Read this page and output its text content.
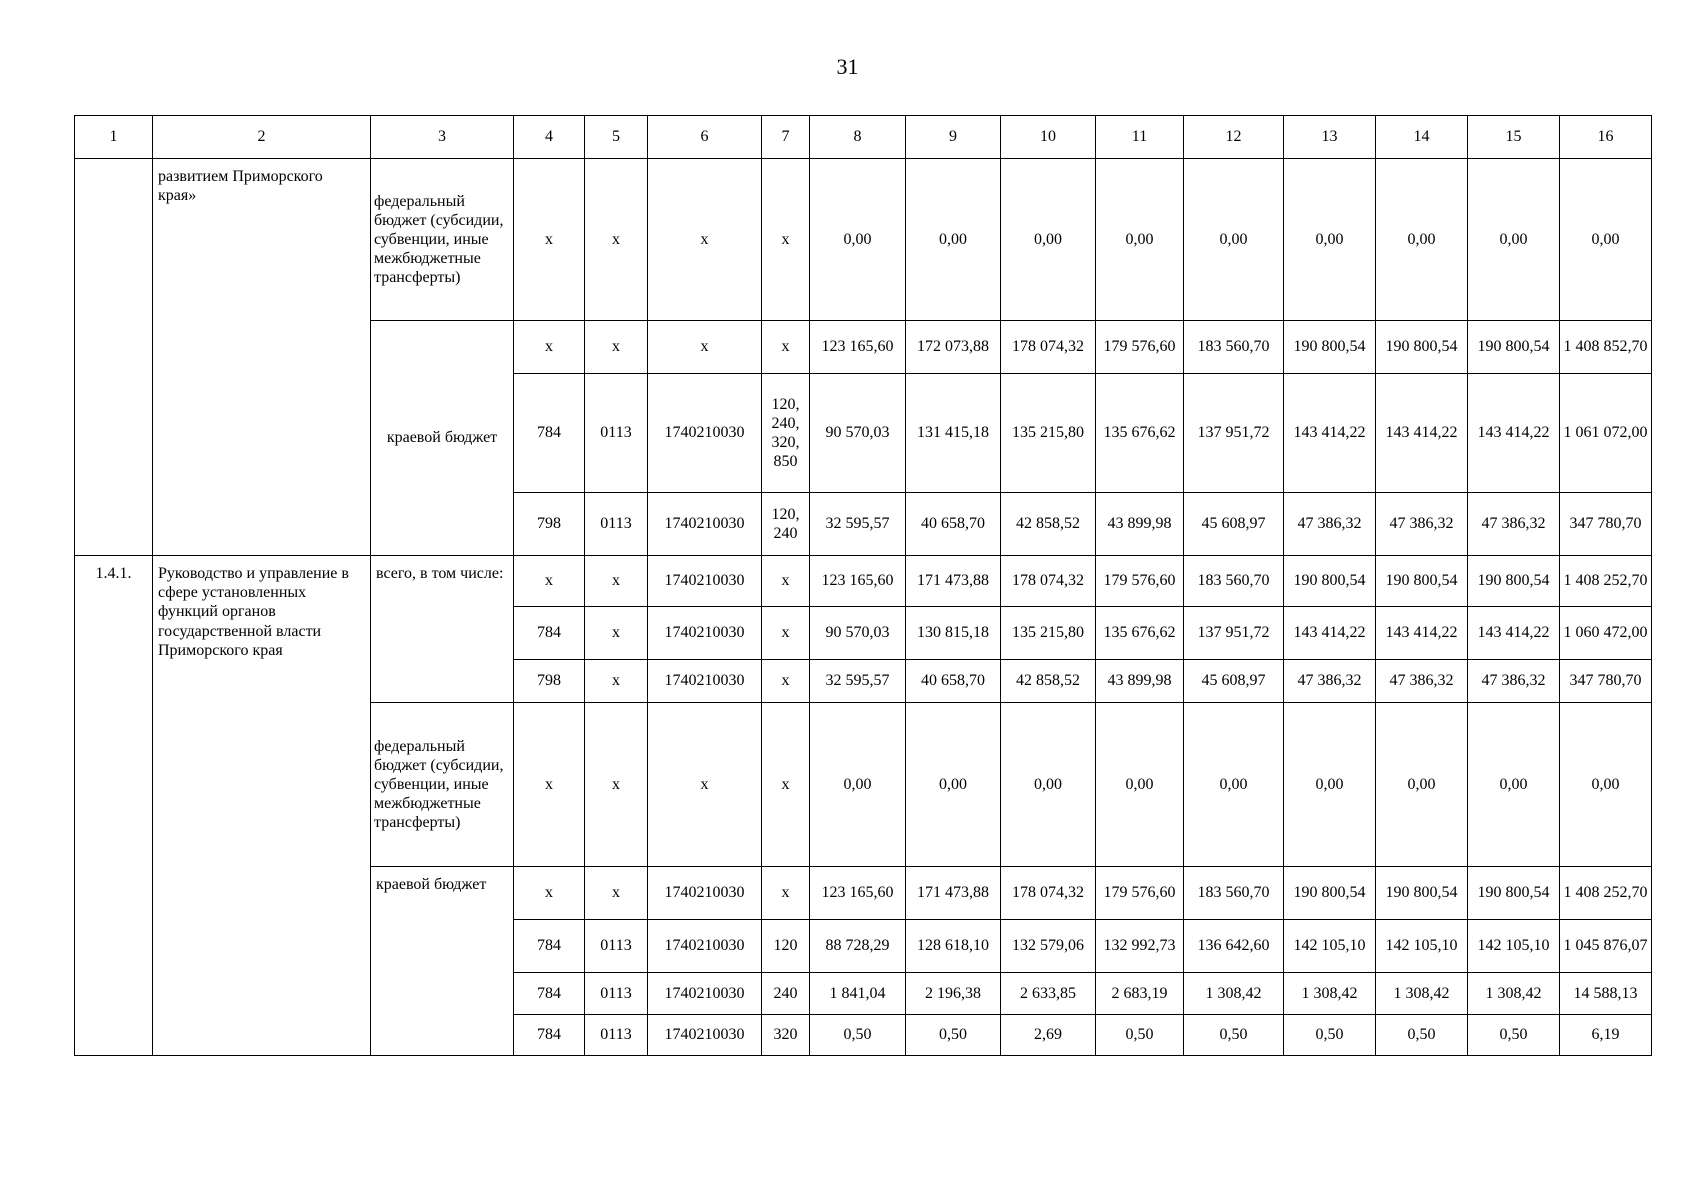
31
1	2	3	4	5	6	7	8	9	10	11	12	13	14	15	16
	развитием Приморского края»	федеральный бюджет (субсидии, субвенции, иные межбюджетные трансферты)	х	х	х	х	0,00	0,00	0,00	0,00	0,00	0,00	0,00	0,00	0,00
		краевой бюджет	х	х	х	х	123 165,60	172 073,88	178 074,32	179 576,60	183 560,70	190 800,54	190 800,54	190 800,54	1 408 852,70
			784	0113	1740210030	120, 240, 320, 850	90 570,03	131 415,18	135 215,80	135 676,62	137 951,72	143 414,22	143 414,22	143 414,22	1 061 072,00
			798	0113	1740210030	120, 240	32 595,57	40 658,70	42 858,52	43 899,98	45 608,97	47 386,32	47 386,32	47 386,32	347 780,70
1.4.1.	Руководство и управление в сфере установленных функций органов государственной власти Приморского края	всего, в том числе:	х	х	1740210030	х	123 165,60	171 473,88	178 074,32	179 576,60	183 560,70	190 800,54	190 800,54	190 800,54	1 408 252,70
			784	х	1740210030	х	90 570,03	130 815,18	135 215,80	135 676,62	137 951,72	143 414,22	143 414,22	143 414,22	1 060 472,00
			798	х	1740210030	х	32 595,57	40 658,70	42 858,52	43 899,98	45 608,97	47 386,32	47 386,32	47 386,32	347 780,70
		федеральный бюджет (субсидии, субвенции, иные межбюджетные трансферты)	х	х	х	х	0,00	0,00	0,00	0,00	0,00	0,00	0,00	0,00	0,00
		краевой бюджет	х	х	1740210030	х	123 165,60	171 473,88	178 074,32	179 576,60	183 560,70	190 800,54	190 800,54	190 800,54	1 408 252,70
			784	0113	1740210030	120	88 728,29	128 618,10	132 579,06	132 992,73	136 642,60	142 105,10	142 105,10	142 105,10	1 045 876,07
			784	0113	1740210030	240	1 841,04	2 196,38	2 633,85	2 683,19	1 308,42	1 308,42	1 308,42	1 308,42	14 588,13
			784	0113	1740210030	320	0,50	0,50	2,69	0,50	0,50	0,50	0,50	0,50	6,19
